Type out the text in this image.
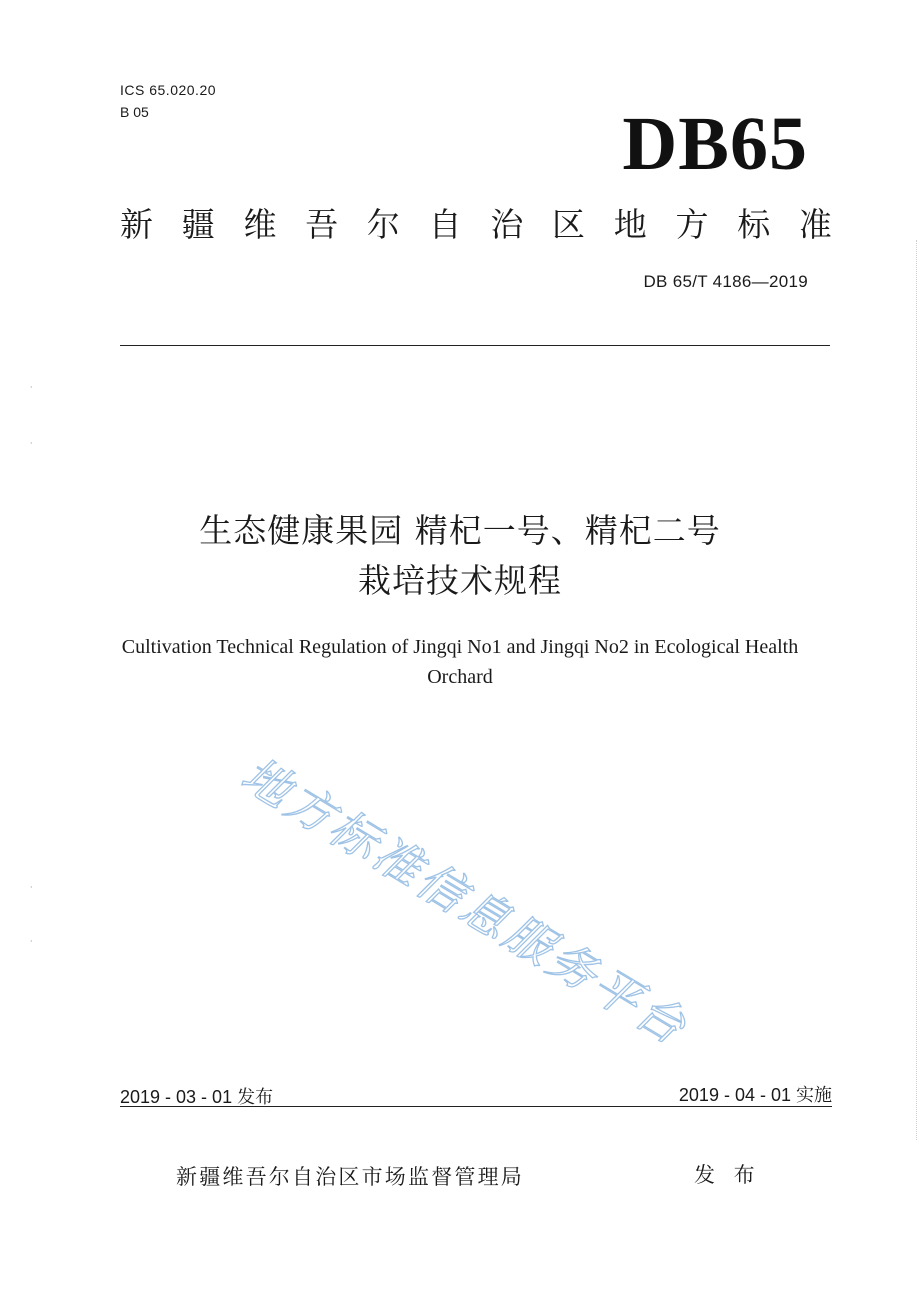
ICS 65.020.20
B 05	DB65
新 疆 维 吾 尔 自 治 区 地 方 标 准
DB 65/T 4186—2019
·
·
·
·
生态健康果园 精杞一号、精杞二号
栽培技术规程
Cultivation Technical Regulation of Jingqi No1 and Jingqi No2 in Ecological Health
Orchard
地方标准信息服务平台
2019 - 03 - 01 发布	2019 - 04 - 01 实施
新疆维吾尔自治区市场监督管理局	发 布
